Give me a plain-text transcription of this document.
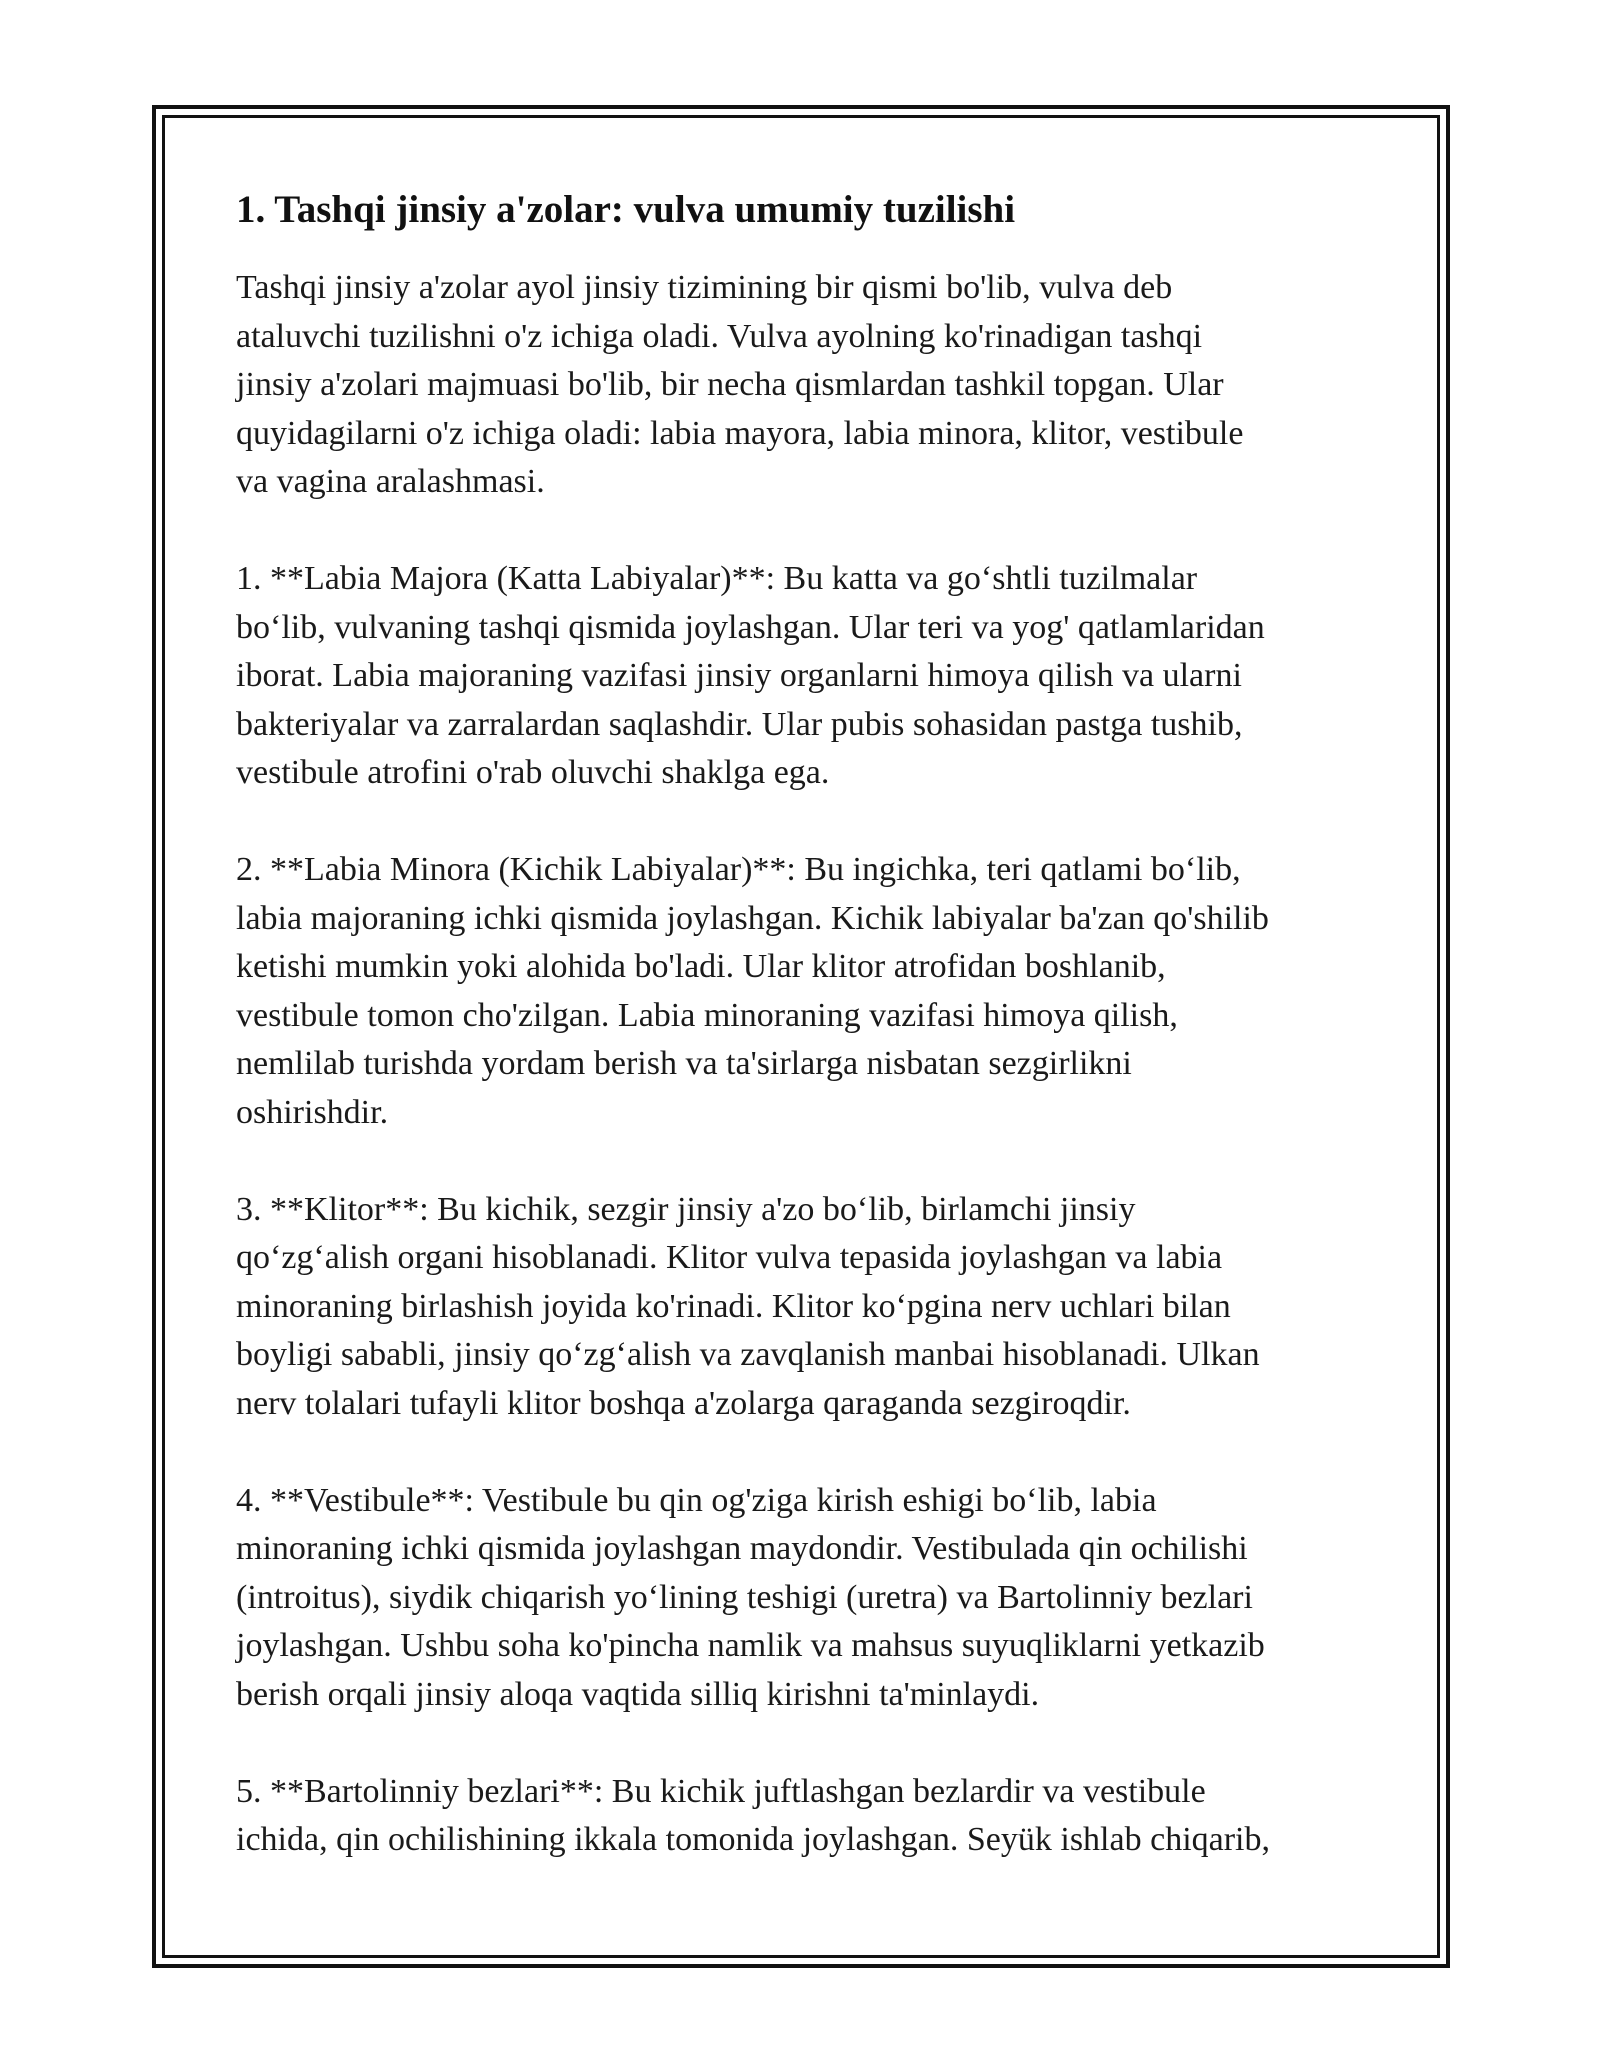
1. Tashqi jinsiy a'zolar: vulva umumiy tuzilishi

Tashqi jinsiy a'zolar ayol jinsiy tizimining bir qismi bo'lib, vulva deb
ataluvchi tuzilishni o'z ichiga oladi. Vulva ayolning ko'rinadigan tashqi
jinsiy a'zolari majmuasi bo'lib, bir necha qismlardan tashkil topgan. Ular
quyidagilarni o'z ichiga oladi: labia mayora, labia minora, klitor, vestibule
va vagina aralashmasi.

1. **Labia Majora (Katta Labiyalar)**: Bu katta va go‘shtli tuzilmalar
bo‘lib, vulvaning tashqi qismida joylashgan. Ular teri va yog' qatlamlaridan
iborat. Labia majoraning vazifasi jinsiy organlarni himoya qilish va ularni
bakteriyalar va zarralardan saqlashdir. Ular pubis sohasidan pastga tushib,
vestibule atrofini o'rab oluvchi shaklga ega.

2. **Labia Minora (Kichik Labiyalar)**: Bu ingichka, teri qatlami bo‘lib,
labia majoraning ichki qismida joylashgan. Kichik labiyalar ba'zan qo'shilib
ketishi mumkin yoki alohida bo'ladi. Ular klitor atrofidan boshlanib,
vestibule tomon cho'zilgan. Labia minoraning vazifasi himoya qilish,
nemlilab turishda yordam berish va ta'sirlarga nisbatan sezgirlikni
oshirishdir.

3. **Klitor**: Bu kichik, sezgir jinsiy a'zo bo‘lib, birlamchi jinsiy
qo‘zg‘alish organi hisoblanadi. Klitor vulva tepasida joylashgan va labia
minoraning birlashish joyida ko'rinadi. Klitor ko‘pgina nerv uchlari bilan
boyligi sababli, jinsiy qo‘zg‘alish va zavqlanish manbai hisoblanadi. Ulkan
nerv tolalari tufayli klitor boshqa a'zolarga qaraganda sezgiroqdir.

4. **Vestibule**: Vestibule bu qin og'ziga kirish eshigi bo‘lib, labia
minoraning ichki qismida joylashgan maydondir. Vestibulada qin ochilishi
(introitus), siydik chiqarish yo‘lining teshigi (uretra) va Bartolinniy bezlari
joylashgan. Ushbu soha ko'pincha namlik va mahsus suyuqliklarni yetkazib
berish orqali jinsiy aloqa vaqtida silliq kirishni ta'minlaydi.

5. **Bartolinniy bezlari**: Bu kichik juftlashgan bezlardir va vestibule
ichida, qin ochilishining ikkala tomonida joylashgan. Seyük ishlab chiqarib,
